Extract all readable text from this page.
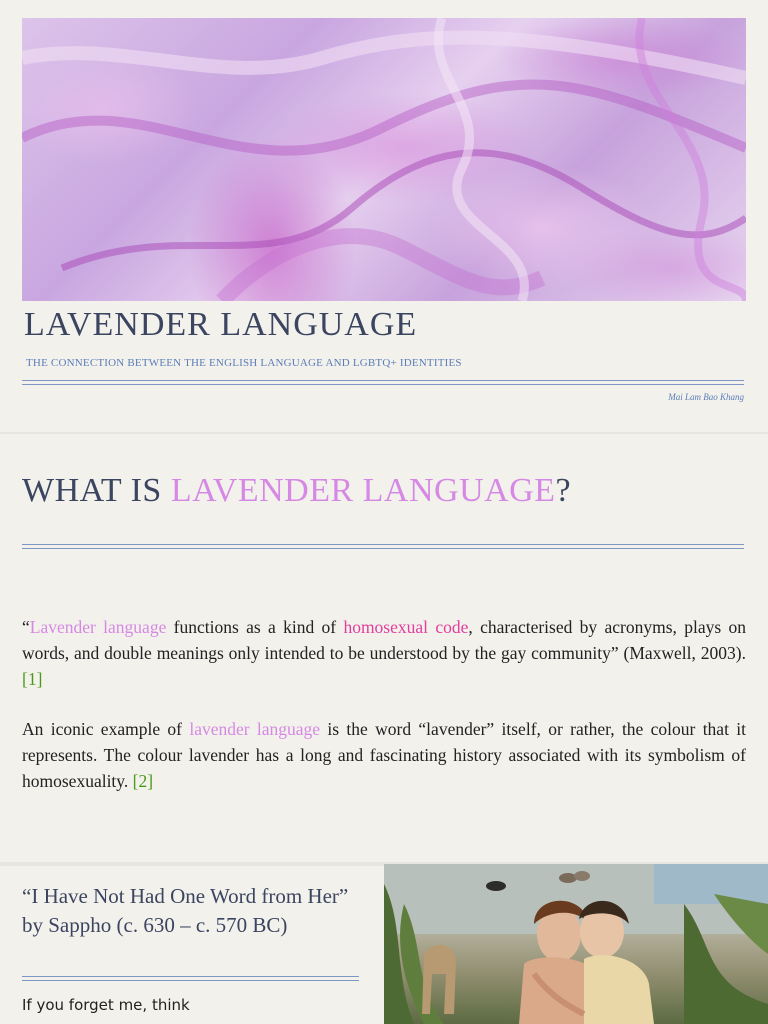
LAVENDER LANGUAGE

THE CONNECTION BETWEEN THE ENGLISH LANGUAGE AND LGBTQ+ IDENTITIES

Mai Lam Bao Khang
WHAT IS LAVENDER LANGUAGE?

“Lavender language functions as a kind of homosexual code, characterised by acronyms, plays on words, and double meanings only intended to be understood by the gay community” (Maxwell, 2003). [1]

An iconic example of lavender language is the word “lavender” itself, or rather, the colour that it represents. The colour lavender has a long and fascinating history associated with its symbolism of homosexuality. [2]

“I Have Not Had One Word from Her”
by Sappho (c. 630 – c. 570 BC)

If you forget me, think
